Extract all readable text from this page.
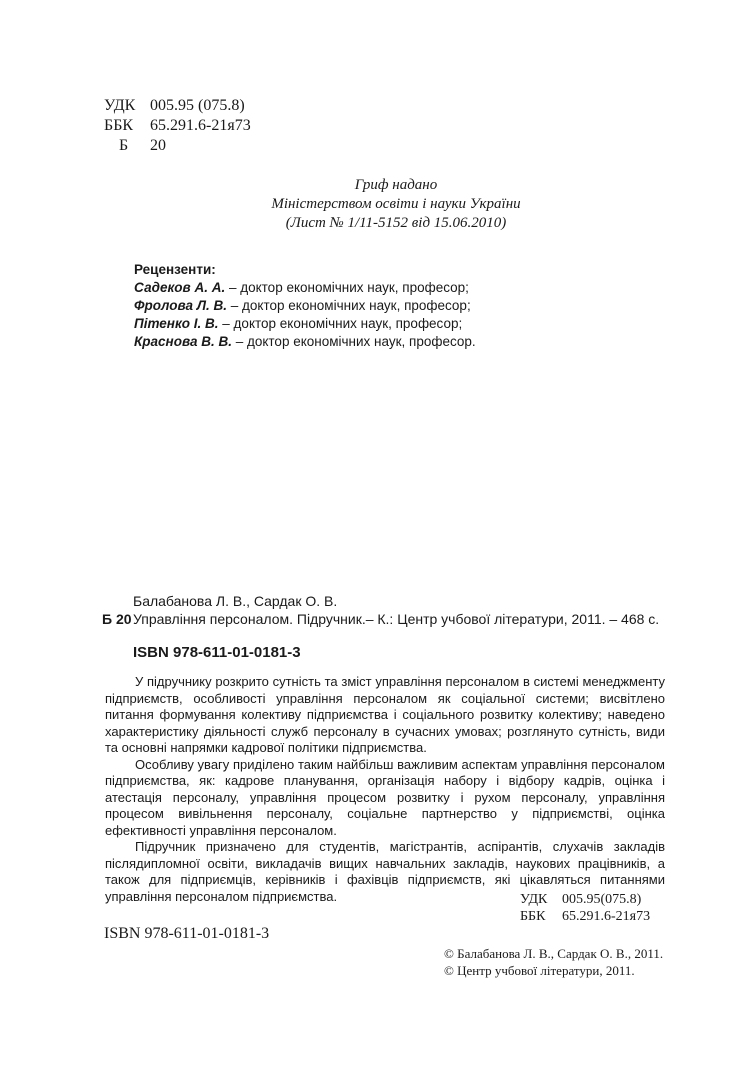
УДК 005.95 (075.8)
ББК 65.291.6-21я73
Б 20
Гриф надано
Міністерством освіти і науки України
(Лист № 1/11-5152 від 15.06.2010)
Рецензенти:
Садеков А. А. – доктор економічних наук, професор;
Фролова Л. В. – доктор економічних наук, професор;
Пітенко І. В. – доктор економічних наук, професор;
Краснова В. В. – доктор економічних наук, професор.
Балабанова Л. В., Сардак О. В.
Б 20Управління персоналом. Підручник.– К.: Центр учбової літератури, 2011. – 468 с.
ISBN 978-611-01-0181-3

У підручнику розкрито сутність та зміст управління персоналом в системі менеджменту підприємств, особливості управління персоналом як соціальної системи; висвітлено питання формування колективу підприємства і соціального розвитку колективу; наведено характеристику діяльності служб персоналу в сучасних умовах; розглянуто сутність, види та основні напрямки кадрової політики підприємства.

Особливу увагу приділено таким найбільш важливим аспектам управління персоналом підприємства, як: кадрове планування, організація набору і відбору кадрів, оцінка і атестація персоналу, управління процесом розвитку і рухом персоналу, управління процесом вивільнення персоналу, соціальне партнерство у підприємстві, оцінка ефективності управління персоналом.

Підручник призначено для студентів, магістрантів, аспірантів, слухачів закладів післядипломної освіти, викладачів вищих навчальних закладів, наукових працівників, а також для підприємців, керівників і фахівців підприємств, які цікавляться питаннями управління персоналом підприємства.	УДК 005.95(075.8)
ББК 65.291.6-21я73
ISBN 978-611-01-0181-3
© Балабанова Л. В., Сардак О. В., 2011.
© Центр учбової літератури, 2011.
